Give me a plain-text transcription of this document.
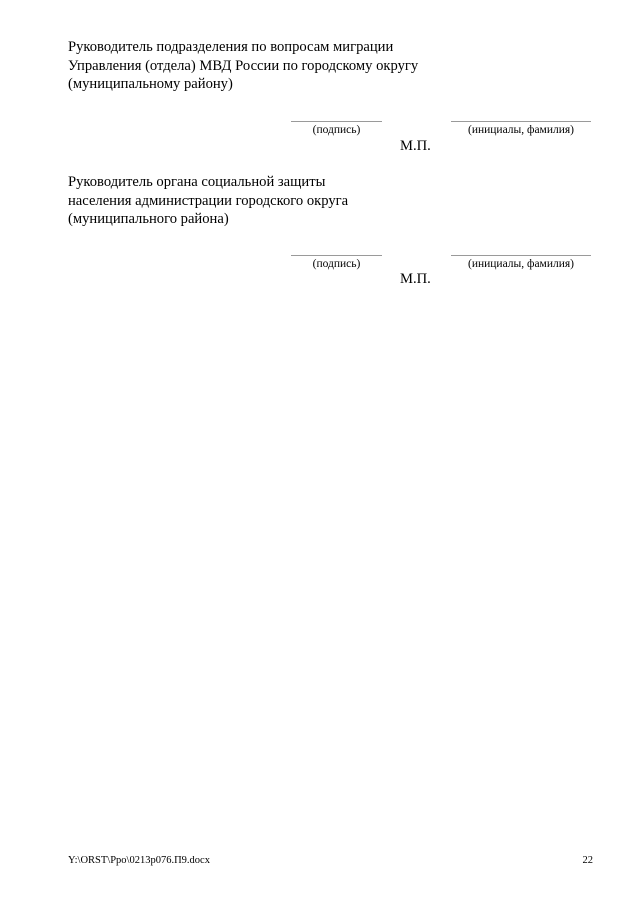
Руководитель подразделения по вопросам миграции
Управления (отдела) МВД России по городскому округу
(муниципальному району)
(подпись)	(инициалы, фамилия)
М.П.
Руководитель органа социальной защиты
населения администрации городского округа
(муниципального района)
(подпись)	(инициалы, фамилия)
М.П.
Y:\ORST\Ppo\0213p076.П9.docx	22
